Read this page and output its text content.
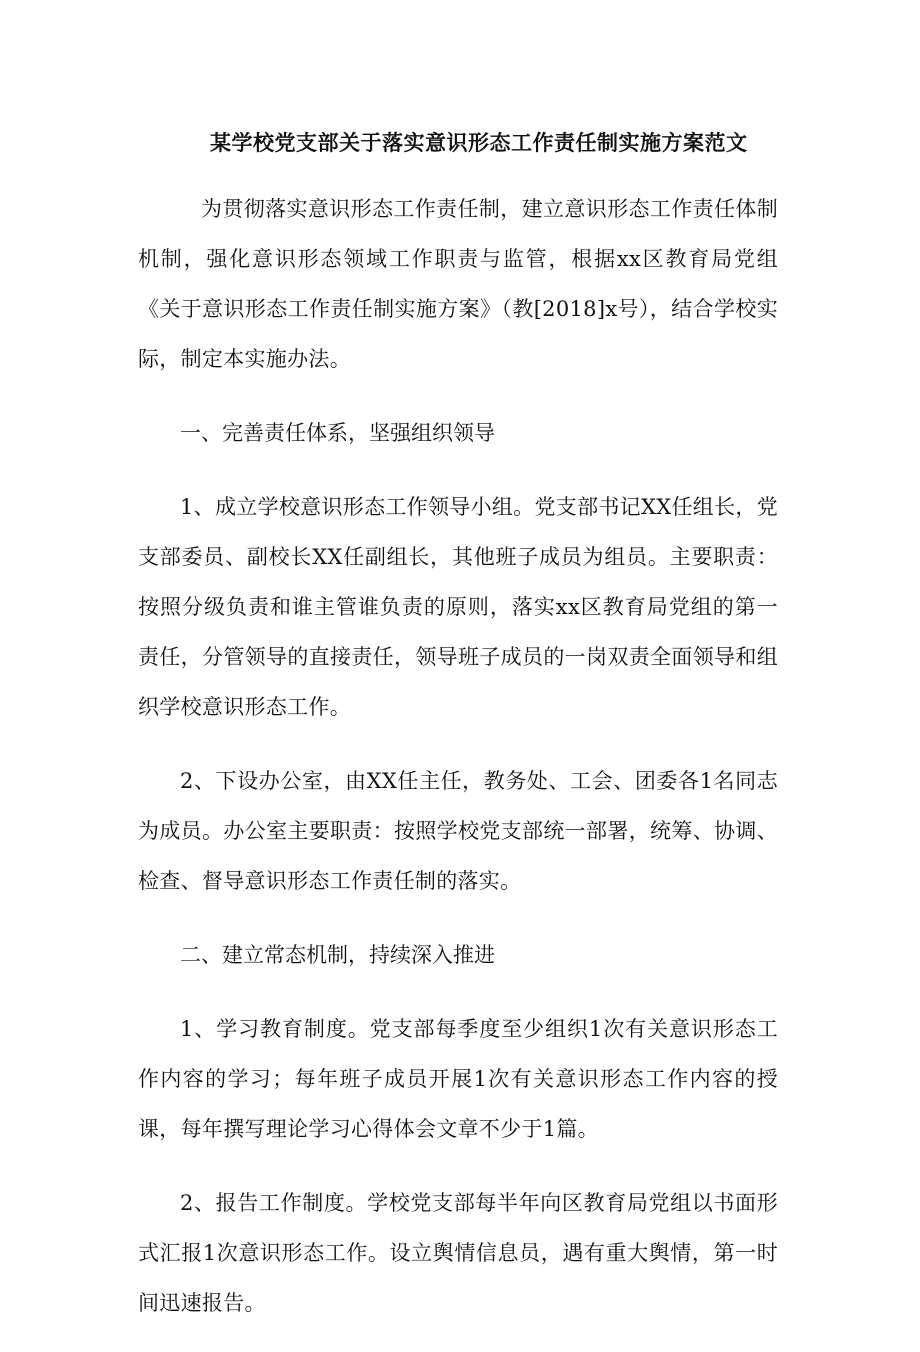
某学校党支部关于落实意识形态工作责任制实施方案范文

为贯彻落实意识形态工作责任制，建立意识形态工作责任体制机制，强化意识形态领域工作职责与监管，根据xx区教育局党组《关于意识形态工作责任制实施方案》（教[2018]x号），结合学校实际，制定本实施办法。

一、完善责任体系，坚强组织领导

1、成立学校意识形态工作领导小组。党支部书记XX任组长，党支部委员、副校长XX任副组长，其他班子成员为组员。主要职责：按照分级负责和谁主管谁负责的原则，落实xx区教育局党组的第一责任，分管领导的直接责任，领导班子成员的一岗双责全面领导和组织学校意识形态工作。

2、下设办公室，由XX任主任，教务处、工会、团委各1名同志为成员。办公室主要职责：按照学校党支部统一部署，统筹、协调、检查、督导意识形态工作责任制的落实。

二、建立常态机制，持续深入推进

1、学习教育制度。党支部每季度至少组织1次有关意识形态工作内容的学习；每年班子成员开展1次有关意识形态工作内容的授课，每年撰写理论学习心得体会文章不少于1篇。

2、报告工作制度。学校党支部每半年向区教育局党组以书面形式汇报1次意识形态工作。设立舆情信息员，遇有重大舆情，第一时间迅速报告。
